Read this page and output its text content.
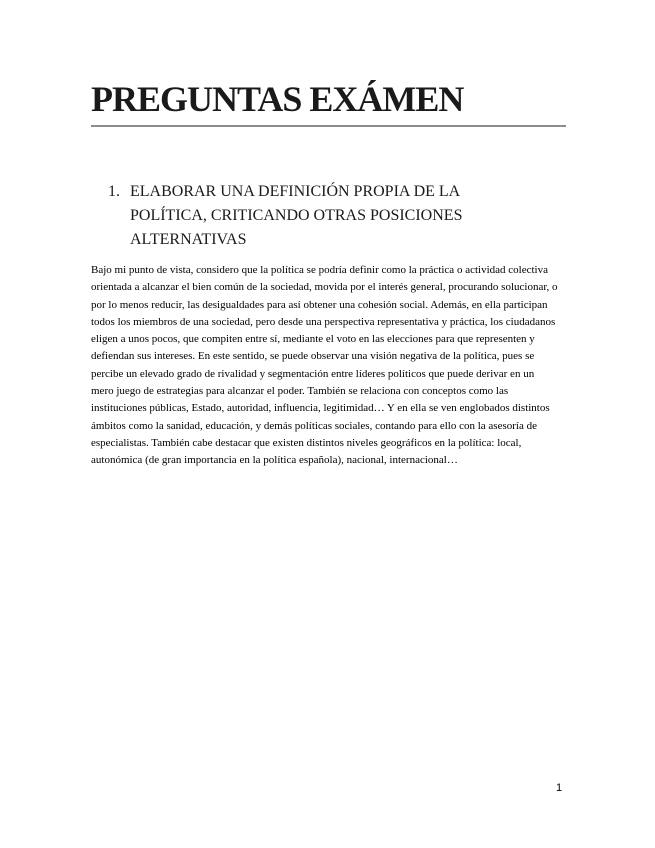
PREGUNTAS EXÁMEN
1. ELABORAR UNA DEFINICIÓN PROPIA DE LA POLÍTICA, CRITICANDO OTRAS POSICIONES ALTERNATIVAS

Bajo mi punto de vista, considero que la política se podría definir como la práctica o actividad colectiva orientada a alcanzar el bien común de la sociedad, movida por el interés general, procurando solucionar, o por lo menos reducir, las desigualdades para así obtener una cohesión social. Además, en ella participan todos los miembros de una sociedad, pero desde una perspectiva representativa y práctica, los ciudadanos eligen a unos pocos, que compiten entre sí, mediante el voto en las elecciones para que representen y defiendan sus intereses. En este sentido, se puede observar una visión negativa de la política, pues se percibe un elevado grado de rivalidad y segmentación entre líderes políticos que puede derivar en un mero juego de estrategias para alcanzar el poder. También se relaciona con conceptos como las instituciones públicas, Estado, autoridad, influencia, legitimidad… Y en ella se ven englobados distintos ámbitos como la sanidad, educación, y demás políticas sociales, contando para ello con la asesoría de especialistas. También cabe destacar que existen distintos niveles geográficos en la política: local, autonómica (de gran importancia en la política española), nacional, internacional…

1
